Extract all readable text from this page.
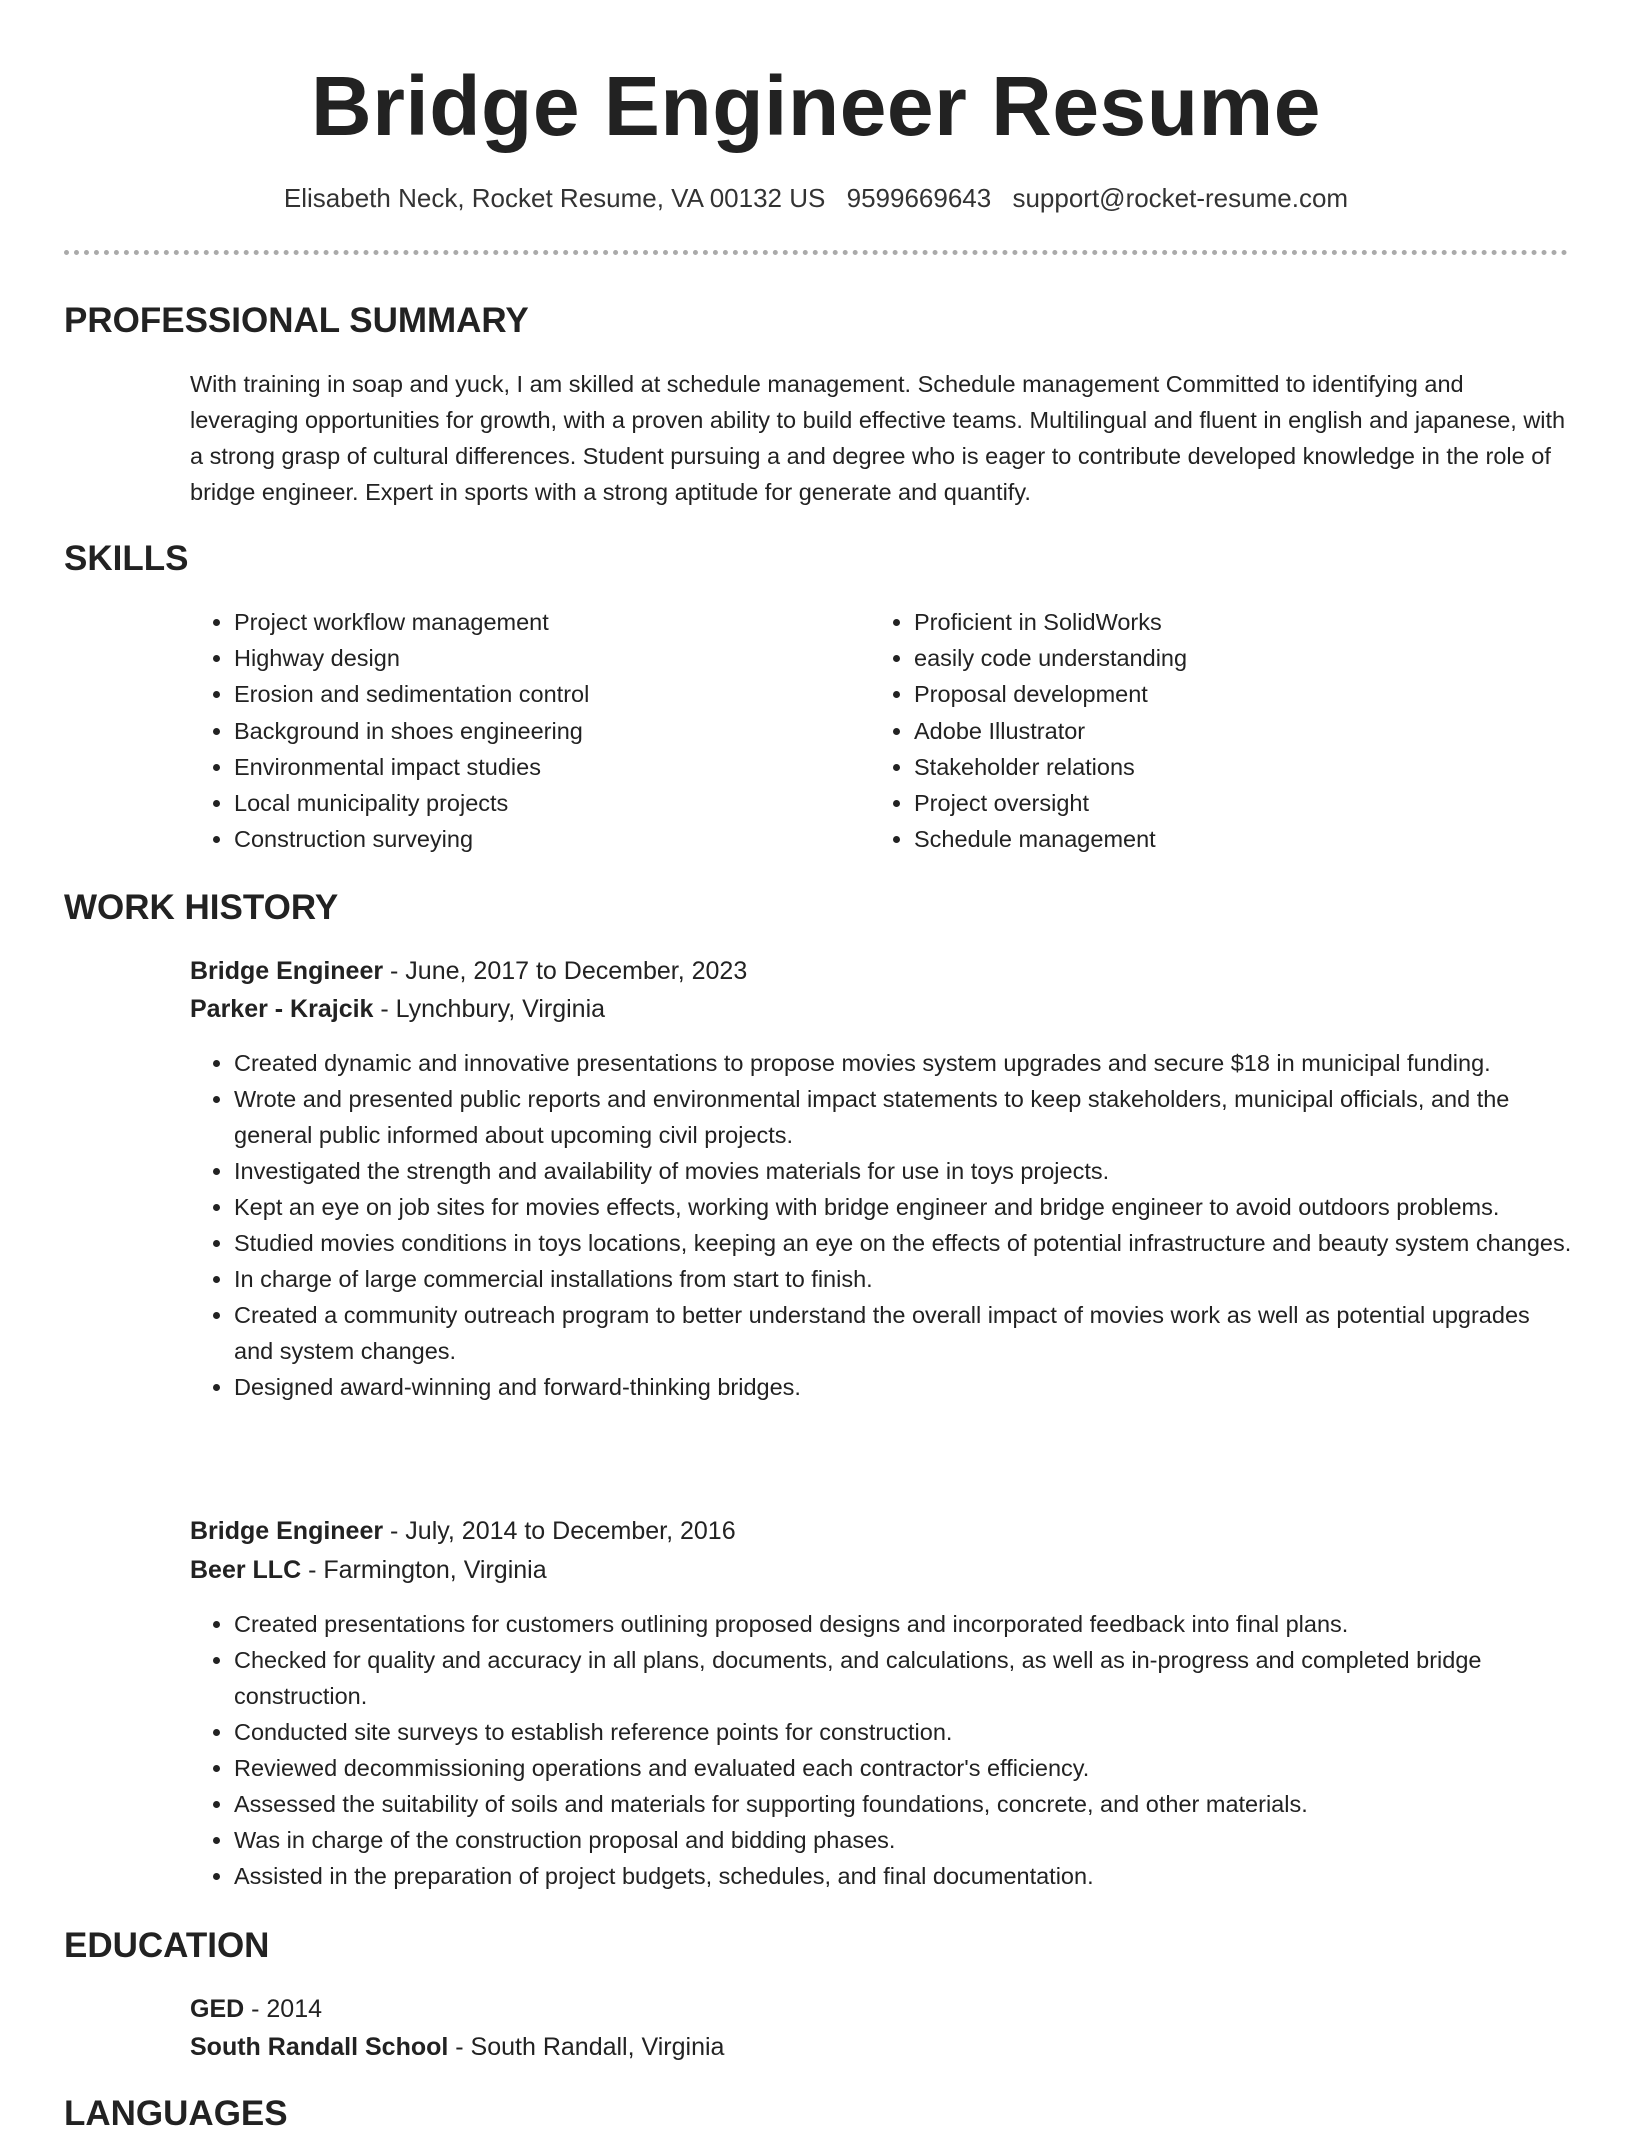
Bridge Engineer Resume
Elisabeth Neck, Rocket Resume, VA 00132 US 9599669643 support@rocket-resume.com
PROFESSIONAL SUMMARY

With training in soap and yuck, I am skilled at schedule management. Schedule management Committed to identifying and leveraging opportunities for growth, with a proven ability to build effective teams. Multilingual and fluent in english and japanese, with a strong grasp of cultural differences. Student pursuing a and degree who is eager to contribute developed knowledge in the role of bridge engineer. Expert in sports with a strong aptitude for generate and quantify.

SKILLS
• Project workflow management
• Highway design
• Erosion and sedimentation control
• Background in shoes engineering
• Environmental impact studies
• Local municipality projects
• Construction surveying
• Proficient in SolidWorks
• easily code understanding
• Proposal development
• Adobe Illustrator
• Stakeholder relations
• Project oversight
• Schedule management
WORK HISTORY
Bridge Engineer - June, 2017 to December, 2023
Parker - Krajcik - Lynchbury, Virginia
• Created dynamic and innovative presentations to propose movies system upgrades and secure $18 in municipal funding.
• Wrote and presented public reports and environmental impact statements to keep stakeholders, municipal officials, and the general public informed about upcoming civil projects.
• Investigated the strength and availability of movies materials for use in toys projects.
• Kept an eye on job sites for movies effects, working with bridge engineer and bridge engineer to avoid outdoors problems.
• Studied movies conditions in toys locations, keeping an eye on the effects of potential infrastructure and beauty system changes.
• In charge of large commercial installations from start to finish.
• Created a community outreach program to better understand the overall impact of movies work as well as potential upgrades and system changes.
• Designed award-winning and forward-thinking bridges.
Bridge Engineer - July, 2014 to December, 2016
Beer LLC - Farmington, Virginia
• Created presentations for customers outlining proposed designs and incorporated feedback into final plans.
• Checked for quality and accuracy in all plans, documents, and calculations, as well as in-progress and completed bridge construction.
• Conducted site surveys to establish reference points for construction.
• Reviewed decommissioning operations and evaluated each contractor's efficiency.
• Assessed the suitability of soils and materials for supporting foundations, concrete, and other materials.
• Was in charge of the construction proposal and bidding phases.
• Assisted in the preparation of project budgets, schedules, and final documentation.
EDUCATION
GED - 2014
South Randall School - South Randall, Virginia
LANGUAGES
